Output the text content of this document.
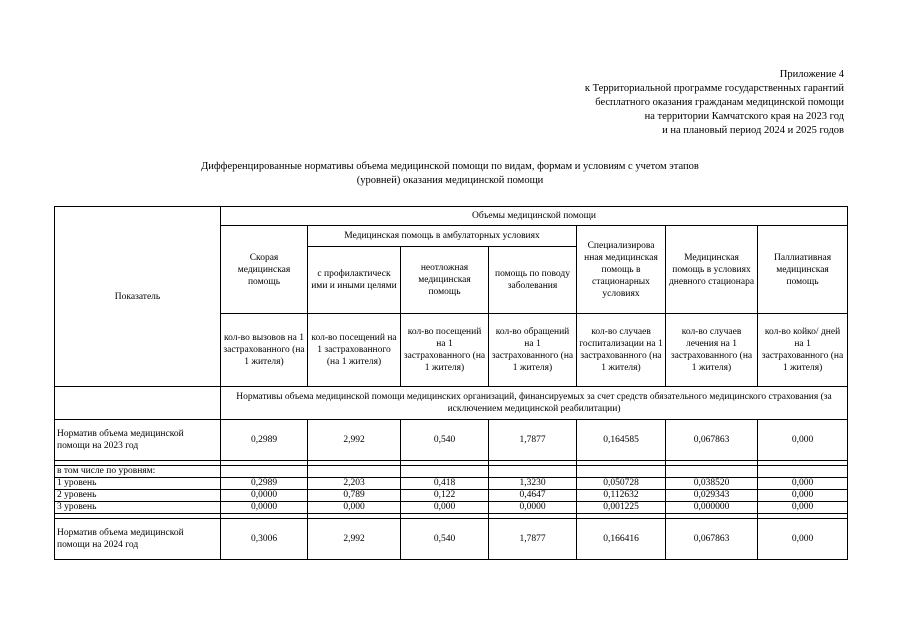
Приложение 4
к Территориальной программе государственных гарантий
бесплатного оказания гражданам медицинской помощи
на территории Камчатского края на 2023 год
и на плановый период 2024 и 2025 годов
Дифференцированные нормативы объема медицинской помощи по видам, формам и условиям с учетом этапов
(уровней) оказания медицинской помощи
Показатель	Объемы медицинской помощи						
	Скорая медицинская помощь	Медицинская помощь в амбулаторных условиях			Специализирова нная медицинская помощь в стационарных условиях	Медицинская помощь в условиях дневного стационара	Паллиативная медицинская помощь
		с профилактическ ими и иными целями	неотложная медицинская помощь	помощь по поводу заболевания			
	кол-во вызовов на 1 застрахованного (на 1 жителя)	кол-во посещений на 1 застрахованного (на 1 жителя)	кол-во посещений на 1 застрахованного (на 1 жителя)	кол-во обращений на 1 застрахованного (на 1 жителя)	кол-во случаев госпитализации на 1 застрахованного (на 1 жителя)	кол-во случаев лечения на 1 застрахованного (на 1 жителя)	кол-во койко/ дней на 1 застрахованного (на 1 жителя)
	Нормативы объема медицинской помощи медицинских организаций, финансируемых за счет средств обязательного медицинского страхования (за исключением медицинской реабилитации)						
Норматив объема медицинской помощи на 2023 год	0,2989	2,992	0,540	1,7877	0,164585	0,067863	0,000

в том числе по уровням:							
1 уровень	0,2989	2,203	0,418	1,3230	0,050728	0,038520	0,000
2 уровень	0,0000	0,789	0,122	0,4647	0,112632	0,029343	0,000
3 уровень	0,0000	0,000	0,000	0,0000	0,001225	0,000000	0,000

Норматив объема медицинской помощи на 2024 год	0,3006	2,992	0,540	1,7877	0,166416	0,067863	0,000
